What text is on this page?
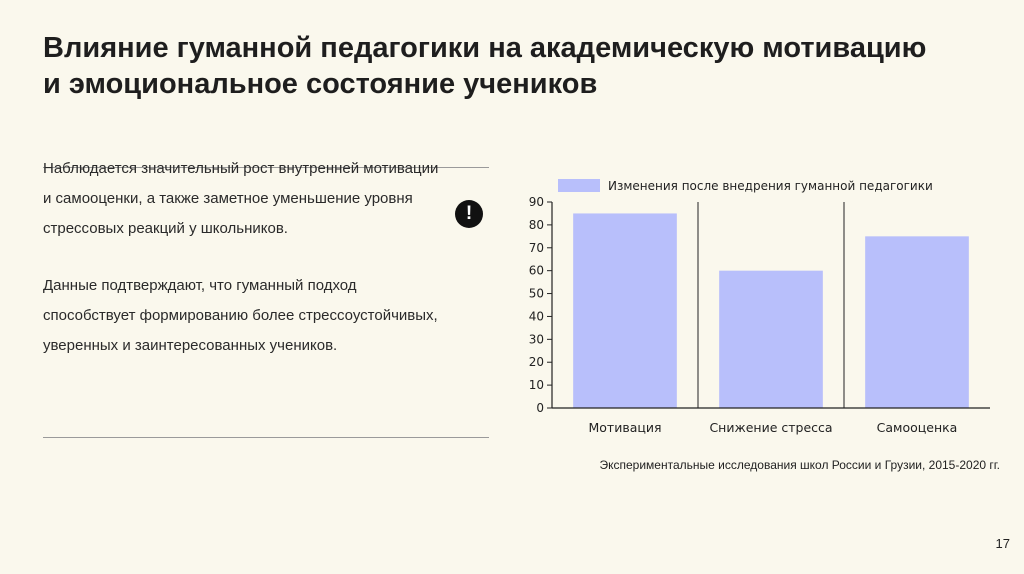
Влияние гуманной педагогики на академическую мотивацию и эмоциональное состояние учеников

Наблюдается значительный рост внутренней мотивации и самооценки, а также заметное уменьшение уровня стрессовых реакций у школьников.

Данные подтверждают, что гуманный подход способствует формированию более стрессоустойчивых, уверенных и заинтересованных учеников.

!
Изменения после внедрения гуманной педагогики
0
10
20
30
40
50
60
70
80
90
Мотивация	Снижение стресса	Самооценка
Экспериментальные исследования школ России и Грузии, 2015-2020 гг.
17
